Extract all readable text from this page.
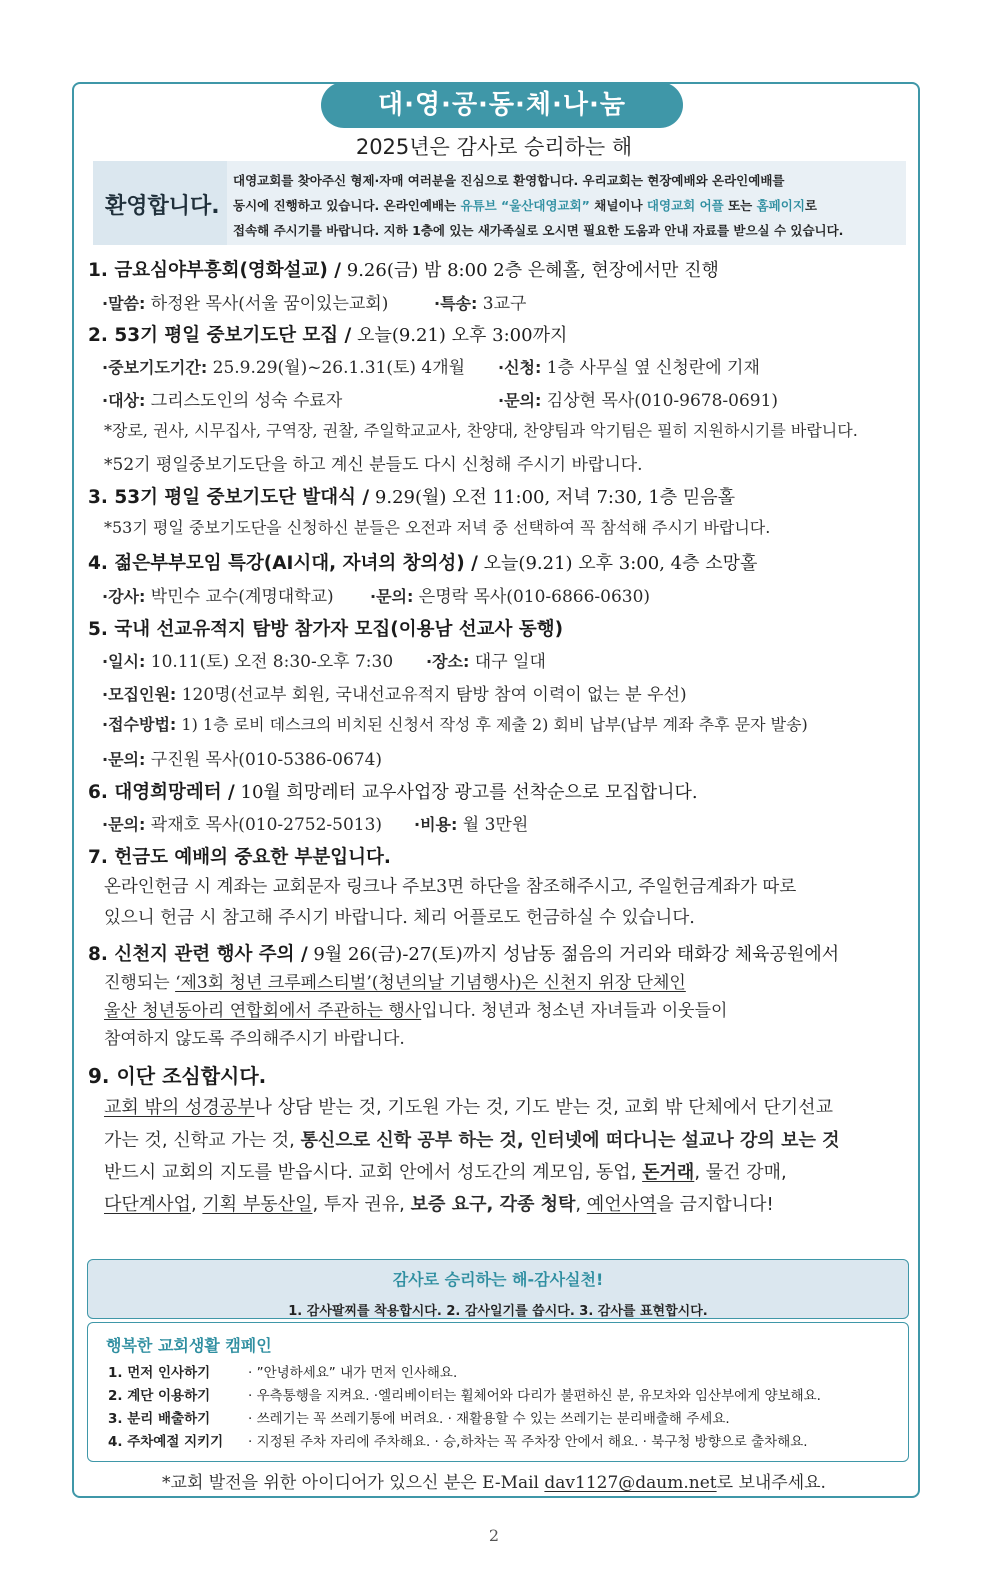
대·영·공·동·체·나·눔
2025년은 감사로 승리하는 해
환영합니다.
대영교회를 찾아주신 형제·자매 여러분을 진심으로 환영합니다. 우리교회는 현장예배와 온라인예배를
동시에 진행하고 있습니다. 온라인예배는 유튜브 “울산대영교회” 채널이나 대영교회 어플 또는 홈페이지로
접속해 주시기를 바랍니다. 지하 1층에 있는 새가족실로 오시면 필요한 도움과 안내 자료를 받으실 수 있습니다.
1. 금요심야부흥회(영화설교) / 9.26(금) 밤 8:00 2층 은혜홀, 현장에서만 진행
·말씀: 하정완 목사(서울 꿈이있는교회)	·특송: 3교구
2. 53기 평일 중보기도단 모집 / 오늘(9.21) 오후 3:00까지
·중보기도기간: 25.9.29(월)~26.1.31(토) 4개월 ·신청: 1층 사무실 옆 신청란에 기재
·대상: 그리스도인의 성숙 수료자	·문의: 김상현 목사(010-9678-0691)
*장로, 권사, 시무집사, 구역장, 권찰, 주일학교교사, 찬양대, 찬양팀과 악기팀은 필히 지원하시기를 바랍니다.
*52기 평일중보기도단을 하고 계신 분들도 다시 신청해 주시기 바랍니다.
3. 53기 평일 중보기도단 발대식 / 9.29(월) 오전 11:00, 저녁 7:30, 1층 믿음홀
*53기 평일 중보기도단을 신청하신 분들은 오전과 저녁 중 선택하여 꼭 참석해 주시기 바랍니다.
4. 젊은부부모임 특강(AI시대, 자녀의 창의성) / 오늘(9.21) 오후 3:00, 4층 소망홀
·강사: 박민수 교수(계명대학교) ·문의: 은명락 목사(010-6866-0630)
5. 국내 선교유적지 탐방 참가자 모집(이용남 선교사 동행)
·일시: 10.11(토) 오전 8:30-오후 7:30 ·장소: 대구 일대
·모집인원: 120명(선교부 회원, 국내선교유적지 탐방 참여 이력이 없는 분 우선)
·접수방법: 1) 1층 로비 데스크의 비치된 신청서 작성 후 제출 2) 회비 납부(납부 계좌 추후 문자 발송)
·문의: 구진원 목사(010-5386-0674)
6. 대영희망레터 / 10월 희망레터 교우사업장 광고를 선착순으로 모집합니다.
·문의: 곽재호 목사(010-2752-5013) ·비용: 월 3만원
7. 헌금도 예배의 중요한 부분입니다.
온라인헌금 시 계좌는 교회문자 링크나 주보3면 하단을 참조해주시고, 주일헌금계좌가 따로
있으니 헌금 시 참고해 주시기 바랍니다. 체리 어플로도 헌금하실 수 있습니다.
8. 신천지 관련 행사 주의 / 9월 26(금)-27(토)까지 성남동 젊음의 거리와 태화강 체육공원에서
진행되는 ‘제3회 청년 크루페스티벌’(청년의날 기념행사)은 신천지 위장 단체인
울산 청년동아리 연합회에서 주관하는 행사입니다. 청년과 청소년 자녀들과 이웃들이
참여하지 않도록 주의해주시기 바랍니다.
9. 이단 조심합시다.
교회 밖의 성경공부나 상담 받는 것, 기도원 가는 것, 기도 받는 것, 교회 밖 단체에서 단기선교
가는 것, 신학교 가는 것, 통신으로 신학 공부 하는 것, 인터넷에 떠다니는 설교나 강의 보는 것
반드시 교회의 지도를 받읍시다. 교회 안에서 성도간의 계모임, 동업, 돈거래, 물건 강매,
다단계사업, 기획 부동산일, 투자 권유, 보증 요구, 각종 청탁, 예언사역을 금지합니다!
감사로 승리하는 해-감사실천!
1. 감사팔찌를 착용합시다. 2. 감사일기를 씁시다. 3. 감사를 표현합시다.
행복한 교회생활 캠페인
1. 먼저 인사하기	· ”안녕하세요” 내가 먼저 인사해요.
2. 계단 이용하기	· 우측통행을 지켜요. ·엘리베이터는 휠체어와 다리가 불편하신 분, 유모차와 임산부에게 양보해요.
3. 분리 배출하기	· 쓰레기는 꼭 쓰레기통에 버려요. · 재활용할 수 있는 쓰레기는 분리배출해 주세요.
4. 주차예절 지키기 · 지정된 주차 자리에 주차해요. · 승,하차는 꼭 주차장 안에서 해요. · 북구청 방향으로 출차해요.
*교회 발전을 위한 아이디어가 있으신 분은 E-Mail dav1127@daum.net로 보내주세요.
2
